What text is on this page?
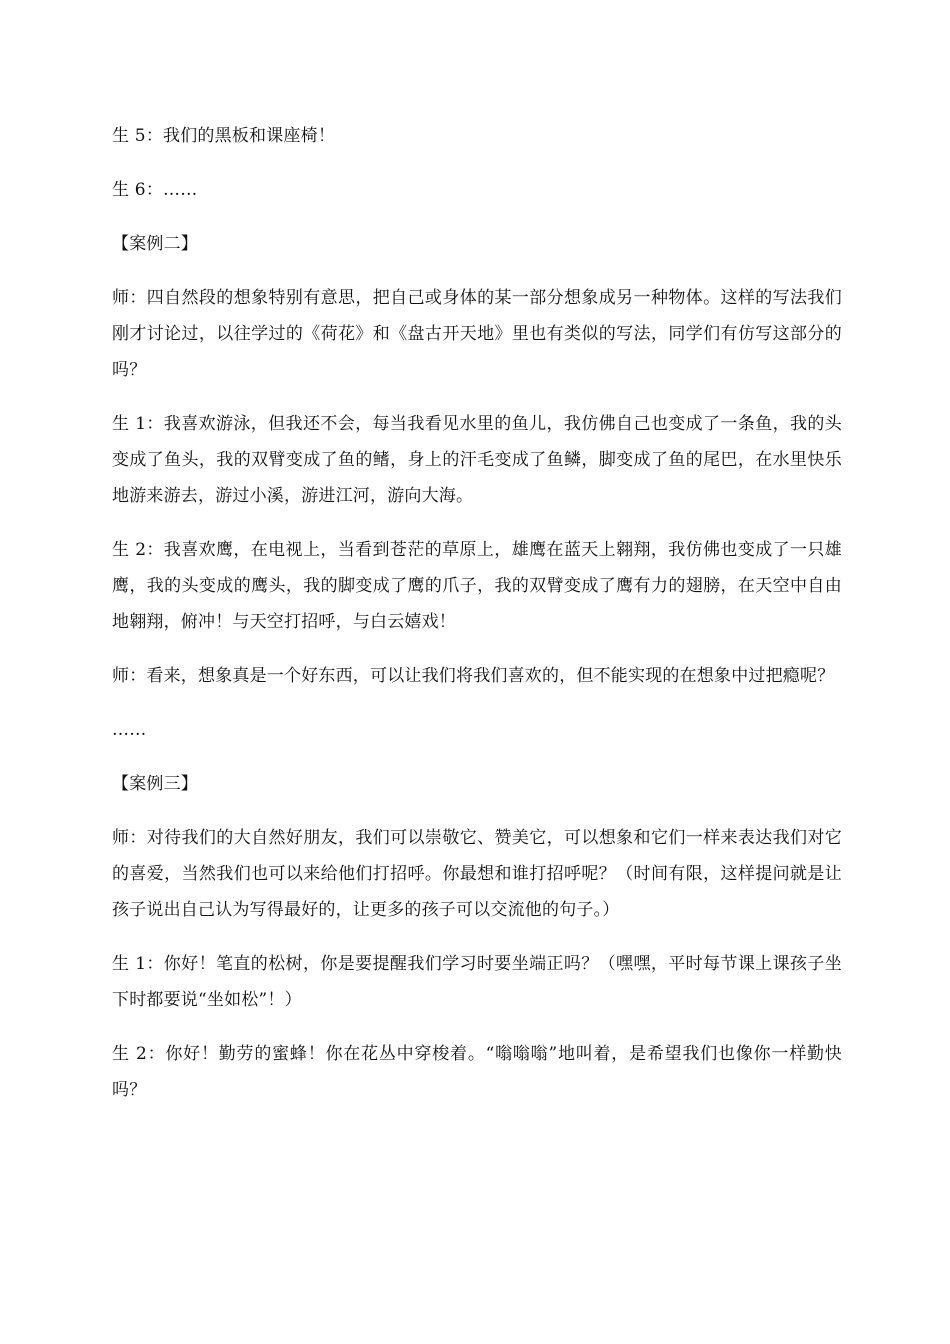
生 5：我们的黑板和课座椅！

生 6：……

【案例二】

师：四自然段的想象特别有意思，把自己或身体的某一部分想象成另一种物体。这样的写法我们刚才讨论过，以往学过的《荷花》和《盘古开天地》里也有类似的写法，同学们有仿写这部分的吗？

生 1：我喜欢游泳，但我还不会，每当我看见水里的鱼儿，我仿佛自己也变成了一条鱼，我的头变成了鱼头，我的双臂变成了鱼的鳍，身上的汗毛变成了鱼鳞，脚变成了鱼的尾巴，在水里快乐地游来游去，游过小溪，游进江河，游向大海。

生 2：我喜欢鹰，在电视上，当看到苍茫的草原上，雄鹰在蓝天上翱翔，我仿佛也变成了一只雄鹰，我的头变成的鹰头，我的脚变成了鹰的爪子，我的双臂变成了鹰有力的翅膀，在天空中自由地翱翔，俯冲！与天空打招呼，与白云嬉戏！

师：看来，想象真是一个好东西，可以让我们将我们喜欢的，但不能实现的在想象中过把瘾呢？

……

【案例三】

师：对待我们的大自然好朋友，我们可以崇敬它、赞美它，可以想象和它们一样来表达我们对它的喜爱，当然我们也可以来给他们打招呼。你最想和谁打招呼呢？（时间有限，这样提问就是让孩子说出自己认为写得最好的，让更多的孩子可以交流他的句子。）

生 1：你好！笔直的松树，你是要提醒我们学习时要坐端正吗？（嘿嘿，平时每节课上课孩子坐下时都要说“坐如松”！）

生 2：你好！勤劳的蜜蜂！你在花丛中穿梭着。“嗡嗡嗡”地叫着，是希望我们也像你一样勤快吗？
